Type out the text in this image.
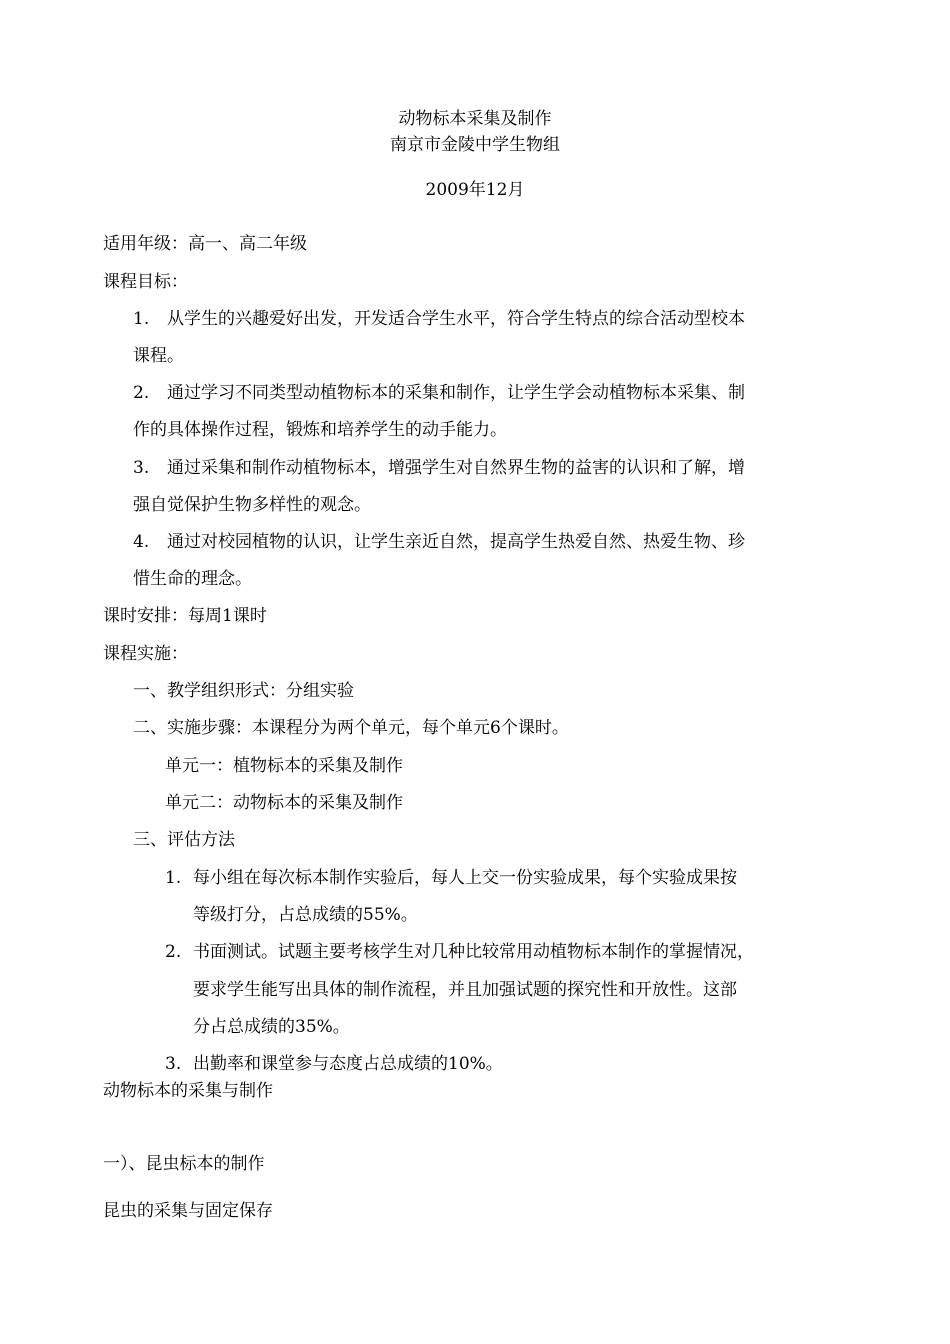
动物标本采集及制作
南京市金陵中学生物组
2009年12月
适用年级：高一、高二年级
课程目标：
1. 从学生的兴趣爱好出发，开发适合学生水平，符合学生特点的综合活动型校本
课程。
2. 通过学习不同类型动植物标本的采集和制作，让学生学会动植物标本采集、制
作的具体操作过程，锻炼和培养学生的动手能力。
3. 通过采集和制作动植物标本，增强学生对自然界生物的益害的认识和了解，增
强自觉保护生物多样性的观念。
4. 通过对校园植物的认识，让学生亲近自然，提高学生热爱自然、热爱生物、珍
惜生命的理念。
课时安排：每周1课时
课程实施：
一、教学组织形式：分组实验
二、实施步骤：本课程分为两个单元，每个单元6个课时。
单元一：植物标本的采集及制作
单元二：动物标本的采集及制作
三、评估方法
1. 每小组在每次标本制作实验后，每人上交一份实验成果，每个实验成果按
等级打分，占总成绩的55%。
2. 书面测试。试题主要考核学生对几种比较常用动植物标本制作的掌握情况，
要求学生能写出具体的制作流程，并且加强试题的探究性和开放性。这部
分占总成绩的35%。
3. 出勤率和课堂参与态度占总成绩的10%。
动物标本的采集与制作
一）、昆虫标本的制作
昆虫的采集与固定保存
